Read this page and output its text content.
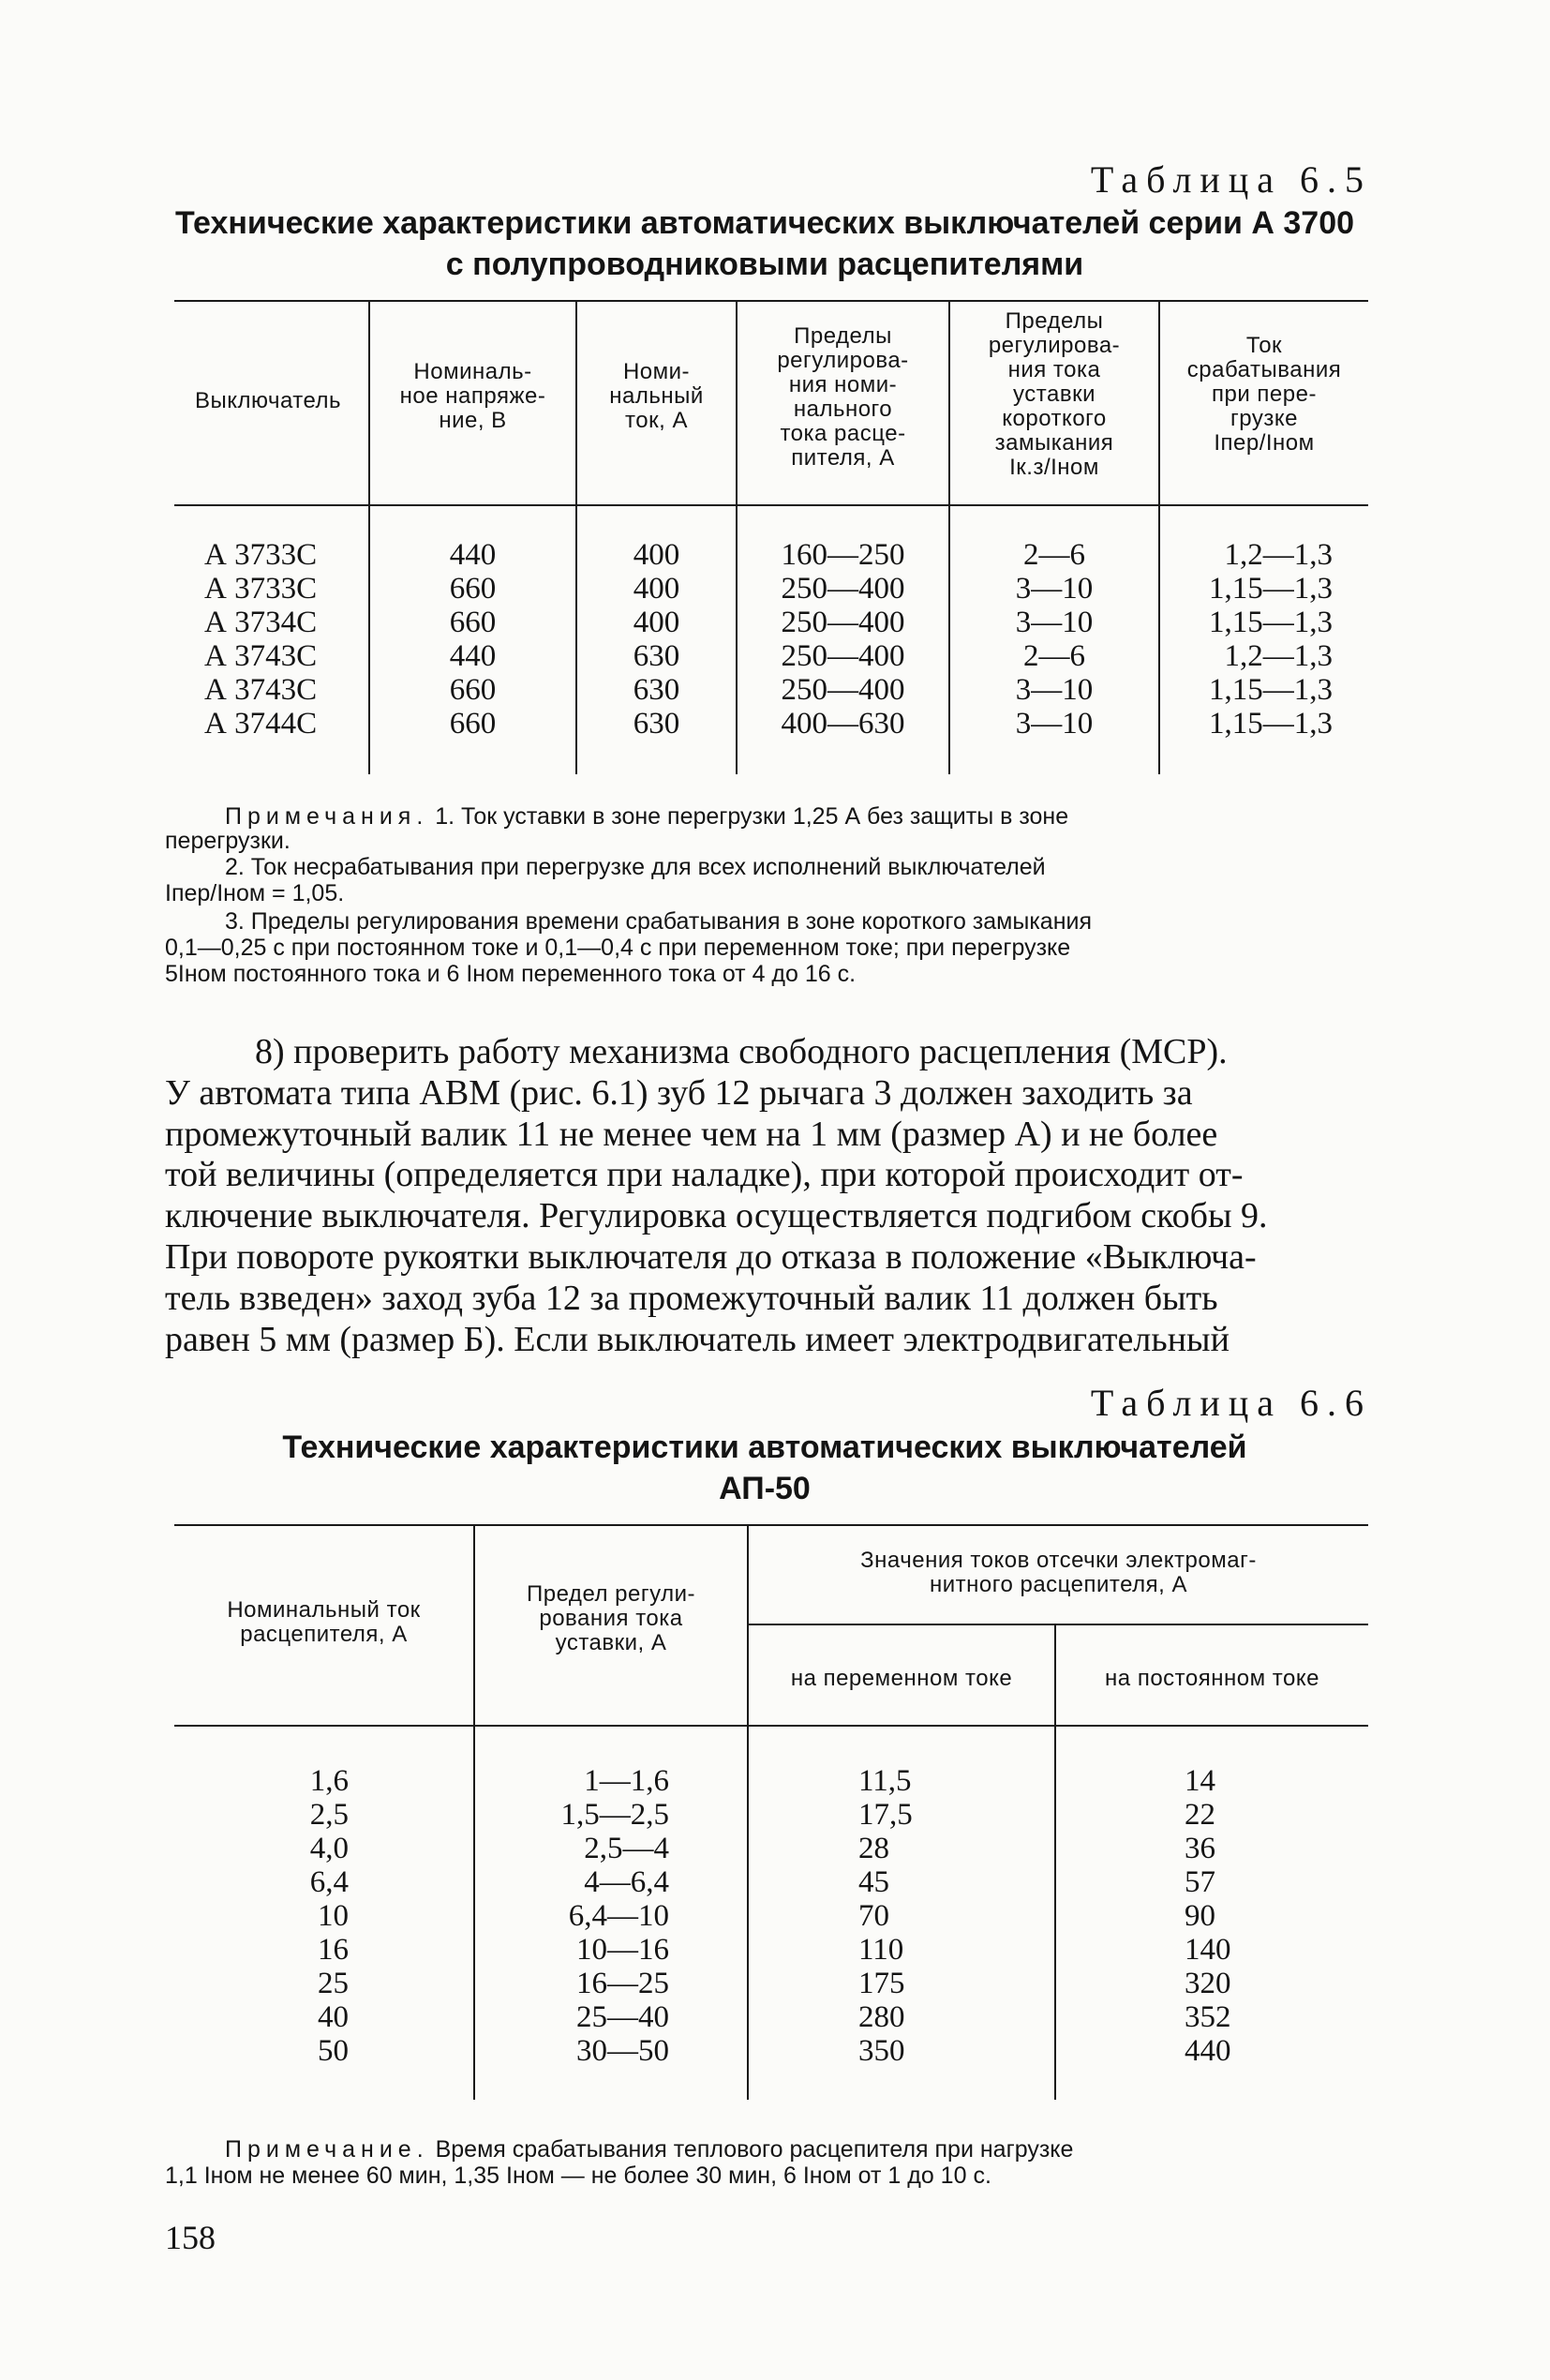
Таблица 6.5
Технические характеристики автоматических выключателей серии А 3700
с полупроводниковыми расцепителями
Выключатель
Номиналь-
ное напряже-
ние, В
Номи-
нальный
ток, А
Пределы
регулирова-
ния номи-
нального
тока расце-
пителя, А
Пределы
регулирова-
ния тока
уставки
короткого
замыкания
Iк.з/Iном
Ток
срабатывания
при пере-
грузке
Iпер/Iном
А 3733С
А 3733С
А 3734С
А 3743С
А 3743С
А 3744С
440
660
660
440
660
660
400
400
400
630
630
630
160—250
250—400
250—400
250—400
250—400
400—630
2—6
3—10
3—10
2—6
3—10
3—10
1,2—1,3
1,15—1,3
1,15—1,3
1,2—1,3
1,15—1,3
1,15—1,3
Примечания. 1. Ток уставки в зоне перегрузки 1,25 А без защиты в зоне
перегрузки.
2. Ток несрабатывания при перегрузке для всех исполнений выключателей
Iпер/Iном = 1,05.
3. Пределы регулирования времени срабатывания в зоне короткого замыкания
0,1—0,25 с при постоянном токе и 0,1—0,4 с при переменном токе; при перегрузке
5Iном постоянного тока и 6 Iном переменного тока от 4 до 16 с.

8) проверить работу механизма свободного расцепления (МСР).

У автомата типа АВМ (рис. 6.1) зуб 12 рычага 3 должен заходить за

промежуточный валик 11 не менее чем на 1 мм (размер А) и не более

той величины (определяется при наладке), при которой происходит от-

ключение выключателя. Регулировка осуществляется подгибом скобы 9.

При повороте рукоятки выключателя до отказа в положение «Выключа-

тель взведен» заход зуба 12 за промежуточный валик 11 должен быть

равен 5 мм (размер Б). Если выключатель имеет электродвигательный

Таблица 6.6
Технические характеристики автоматических выключателей
АП-50
Номинальный ток
расцепителя, А
Предел регули-
рования тока
уставки, А
Значения токов отсечки электромаг-
нитного расцепителя, А
на переменном токе	на постоянном токе
1,6
2,5
4,0
6,4
10
16
25
40
50
1—1,6
1,5—2,5
2,5—4
4—6,4
6,4—10
10—16
16—25
25—40
30—50
11,5
17,5
28
45
70
110
175
280
350
14
22
36
57
90
140
320
352
440
Примечание. Время срабатывания теплового расцепителя при нагрузке
1,1 Iном не менее 60 мин, 1,35 Iном — не более 30 мин, 6 Iном от 1 до 10 с.
158
